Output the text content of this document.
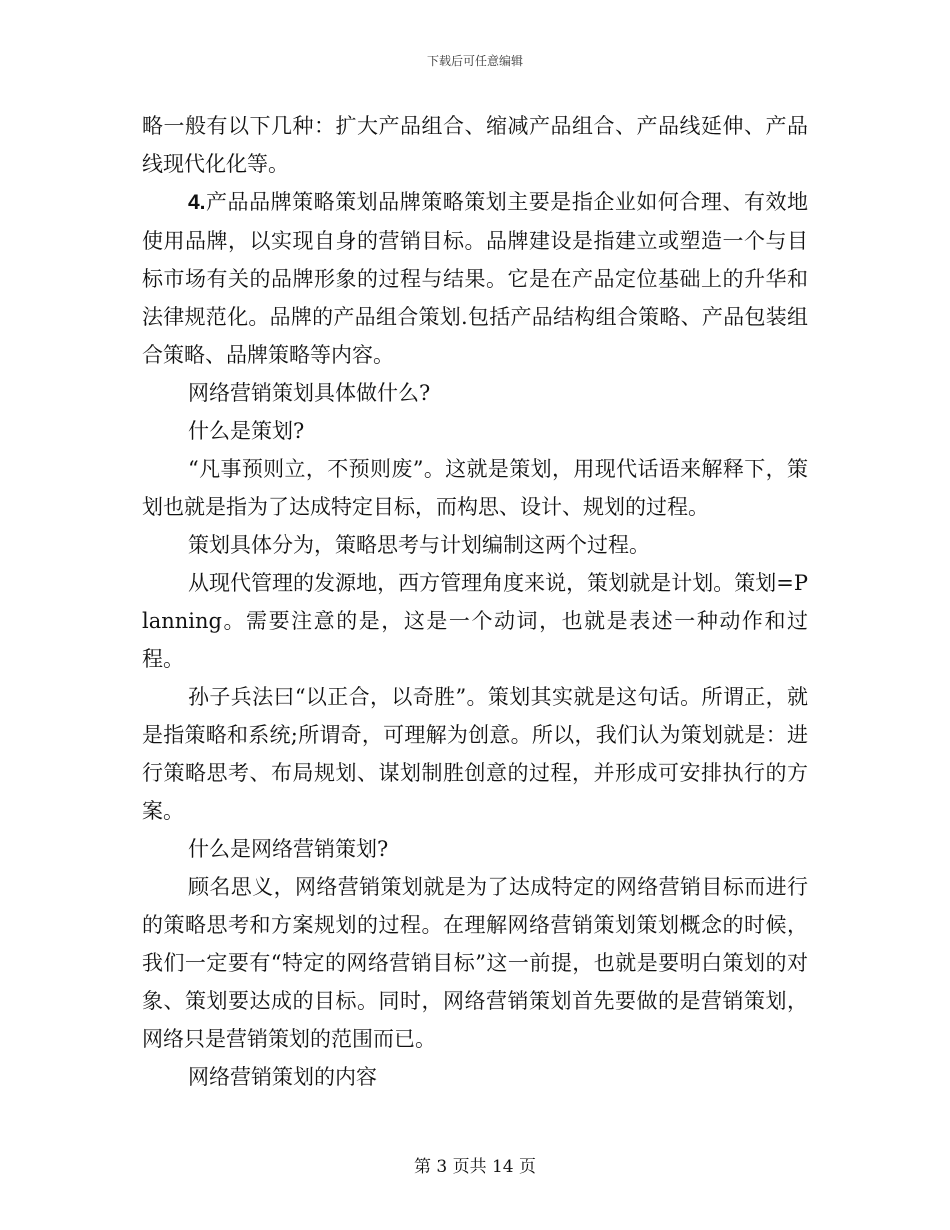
下载后可任意编辑

略一般有以下几种：扩大产品组合、缩减产品组合、产品线延伸、产品线现代化化等。

4.产品品牌策略策划品牌策略策划主要是指企业如何合理、有效地使用品牌，以实现自身的营销目标。品牌建设是指建立或塑造一个与目标市场有关的品牌形象的过程与结果。它是在产品定位基础上的升华和法律规范化。品牌的产品组合策划.包括产品结构组合策略、产品包装组合策略、品牌策略等内容。

网络营销策划具体做什么?

什么是策划?

“凡事预则立，不预则废”。这就是策划，用现代话语来解释下，策划也就是指为了达成特定目标，而构思、设计、规划的过程。

策划具体分为，策略思考与计划编制这两个过程。

从现代管理的发源地，西方管理角度来说，策划就是计划。策划=Planning。需要注意的是，这是一个动词，也就是表述一种动作和过程。

孙子兵法曰“以正合，以奇胜”。策划其实就是这句话。所谓正，就是指策略和系统;所谓奇，可理解为创意。所以，我们认为策划就是：进行策略思考、布局规划、谋划制胜创意的过程，并形成可安排执行的方案。

什么是网络营销策划?

顾名思义，网络营销策划就是为了达成特定的网络营销目标而进行的策略思考和方案规划的过程。在理解网络营销策划策划概念的时候，我们一定要有“特定的网络营销目标”这一前提，也就是要明白策划的对象、策划要达成的目标。同时，网络营销策划首先要做的是营销策划，网络只是营销策划的范围而已。

网络营销策划的内容

第 3 页共 14 页
